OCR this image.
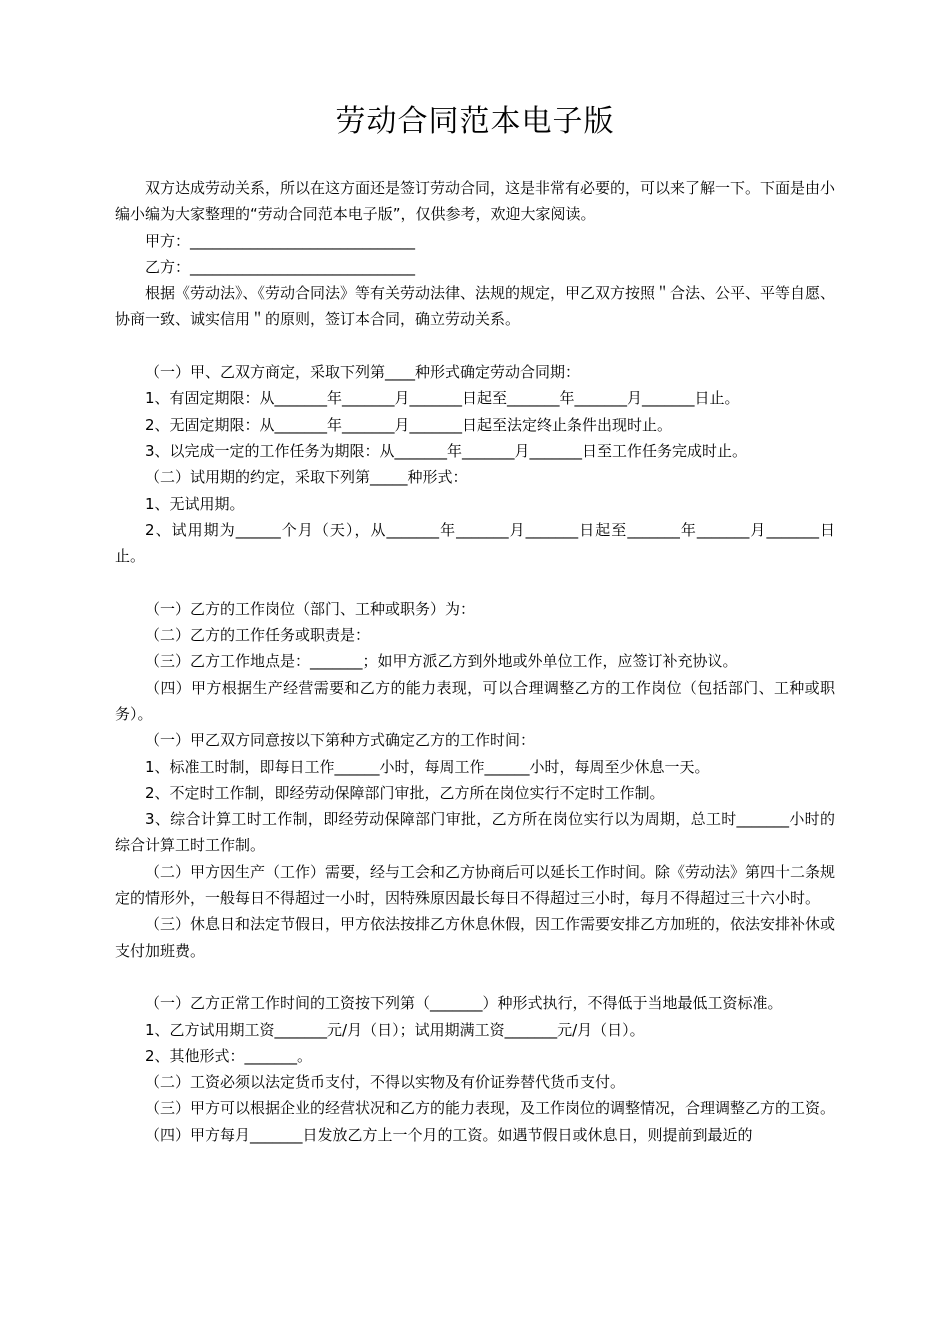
劳动合同范本电子版

双方达成劳动关系，所以在这方面还是签订劳动合同，这是非常有必要的，可以来了解一下。下面是由小编小编为大家整理的“劳动合同范本电子版”，仅供参考，欢迎大家阅读。

甲方：______________________________

乙方：______________________________

根据《劳动法》、《劳动合同法》等有关劳动法律、法规的规定，甲乙双方按照＂合法、公平、平等自愿、协商一致、诚实信用＂的原则，签订本合同，确立劳动关系。

（一）甲、乙双方商定，采取下列第____种形式确定劳动合同期：

1、有固定期限：从_______年_______月_______日起至_______年_______月_______日止。

2、无固定期限：从_______年_______月_______日起至法定终止条件出现时止。

3、以完成一定的工作任务为期限：从_______年_______月_______日至工作任务完成时止。

（二）试用期的约定，采取下列第_____种形式：

1、无试用期。

2、试用期为______个月（天），从_______年_______月_______日起至_______年_______月_______日止。

（一）乙方的工作岗位（部门、工种或职务）为：

（二）乙方的工作任务或职责是：

（三）乙方工作地点是：_______；如甲方派乙方到外地或外单位工作，应签订补充协议。

（四）甲方根据生产经营需要和乙方的能力表现，可以合理调整乙方的工作岗位（包括部门、工种或职务）。

（一）甲乙双方同意按以下第种方式确定乙方的工作时间：

1、标准工时制，即每日工作______小时，每周工作______小时，每周至少休息一天。

2、不定时工作制，即经劳动保障部门审批，乙方所在岗位实行不定时工作制。

3、综合计算工时工作制，即经劳动保障部门审批，乙方所在岗位实行以为周期，总工时_______小时的综合计算工时工作制。

（二）甲方因生产（工作）需要，经与工会和乙方协商后可以延长工作时间。除《劳动法》第四十二条规定的情形外，一般每日不得超过一小时，因特殊原因最长每日不得超过三小时，每月不得超过三十六小时。

（三）休息日和法定节假日，甲方依法按排乙方休息休假，因工作需要安排乙方加班的，依法安排补休或支付加班费。

（一）乙方正常工作时间的工资按下列第（_______）种形式执行，不得低于当地最低工资标准。

1、乙方试用期工资_______元/月（日）；试用期满工资_______元/月（日）。

2、其他形式：_______。

（二）工资必须以法定货币支付，不得以实物及有价证券替代货币支付。

（三）甲方可以根据企业的经营状况和乙方的能力表现，及工作岗位的调整情况，合理调整乙方的工资。

（四）甲方每月_______日发放乙方上一个月的工资。如遇节假日或休息日，则提前到最近的
